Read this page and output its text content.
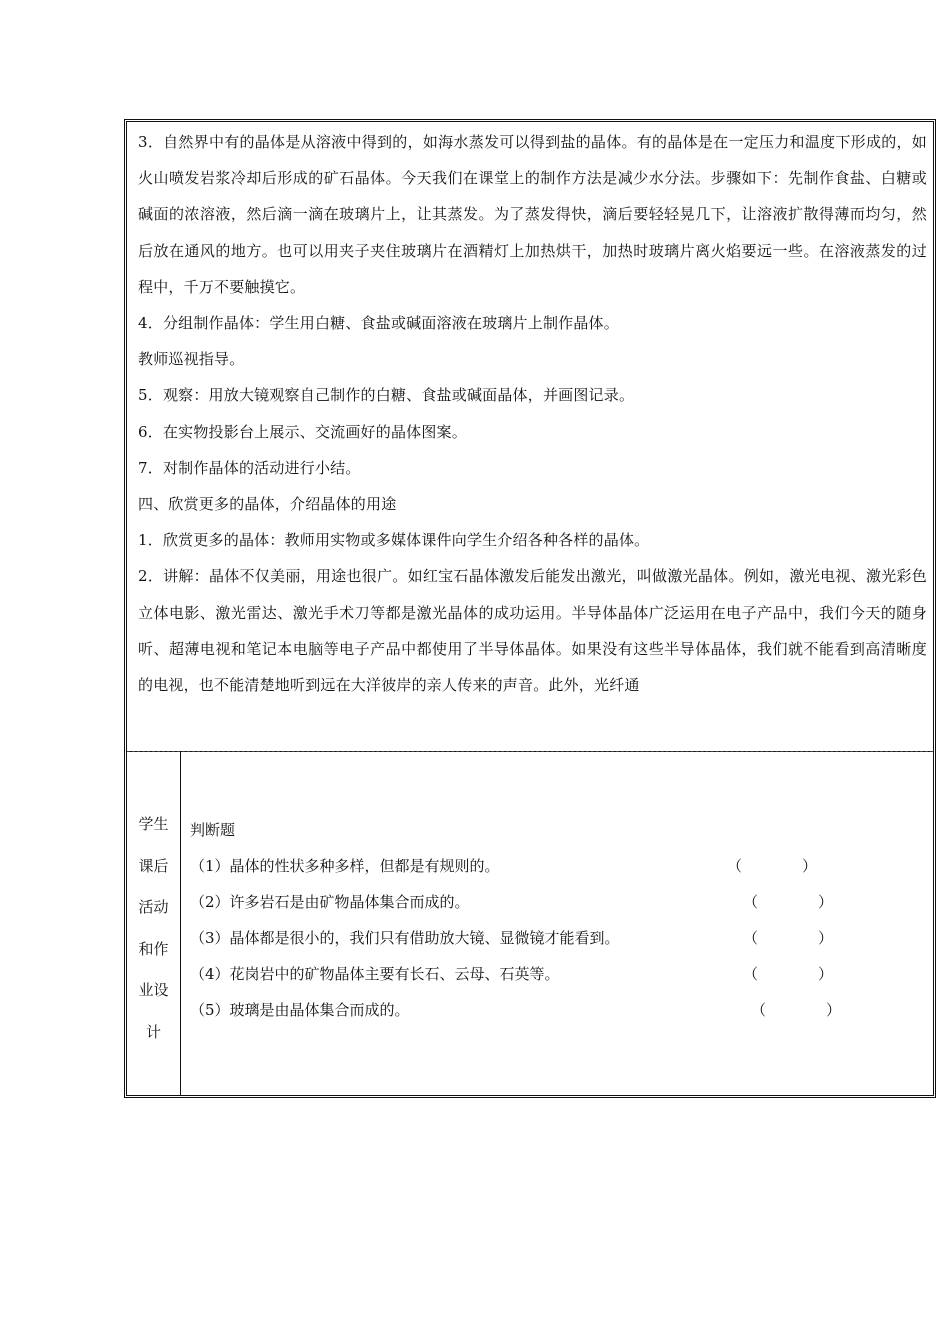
3．自然界中有的晶体是从溶液中得到的，如海水蒸发可以得到盐的晶体。有的晶体是在一定压力和温度下形成的，如火山喷发岩浆冷却后形成的矿石晶体。今天我们在课堂上的制作方法是减少水分法。步骤如下：先制作食盐、白糖或碱面的浓溶液，然后滴一滴在玻璃片上，让其蒸发。为了蒸发得快，滴后要轻轻晃几下，让溶液扩散得薄而均匀，然后放在通风的地方。也可以用夹子夹住玻璃片在酒精灯上加热烘干，加热时玻璃片离火焰要远一些。在溶液蒸发的过程中，千万不要触摸它。

4．分组制作晶体：学生用白糖、食盐或碱面溶液在玻璃片上制作晶体。

教师巡视指导。

5．观察：用放大镜观察自己制作的白糖、食盐或碱面晶体，并画图记录。

6．在实物投影台上展示、交流画好的晶体图案。

7．对制作晶体的活动进行小结。

四、欣赏更多的晶体，介绍晶体的用途

1．欣赏更多的晶体：教师用实物或多媒体课件向学生介绍各种各样的晶体。

2．讲解：晶体不仅美丽，用途也很广。如红宝石晶体激发后能发出激光，叫做激光晶体。例如，激光电视、激光彩色立体电影、激光雷达、激光手术刀等都是激光晶体的成功运用。半导体晶体广泛运用在电子产品中，我们今天的随身听、超薄电视和笔记本电脑等电子产品中都使用了半导体晶体。如果没有这些半导体晶体，我们就不能看到高清晰度的电视，也不能清楚地听到远在大洋彼岸的亲人传来的声音。此外，光纤通

学生
课后
活动
和作
业设
计
判断题
（1）晶体的性状多种多样，但都是有规则的。	（　　　　）
（2）许多岩石是由矿物晶体集合而成的。	（　　　　）
（3）晶体都是很小的，我们只有借助放大镜、显微镜才能看到。	（　　　　）
（4）花岗岩中的矿物晶体主要有长石、云母、石英等。	（　　　　）
（5）玻璃是由晶体集合而成的。	（　　　　）
